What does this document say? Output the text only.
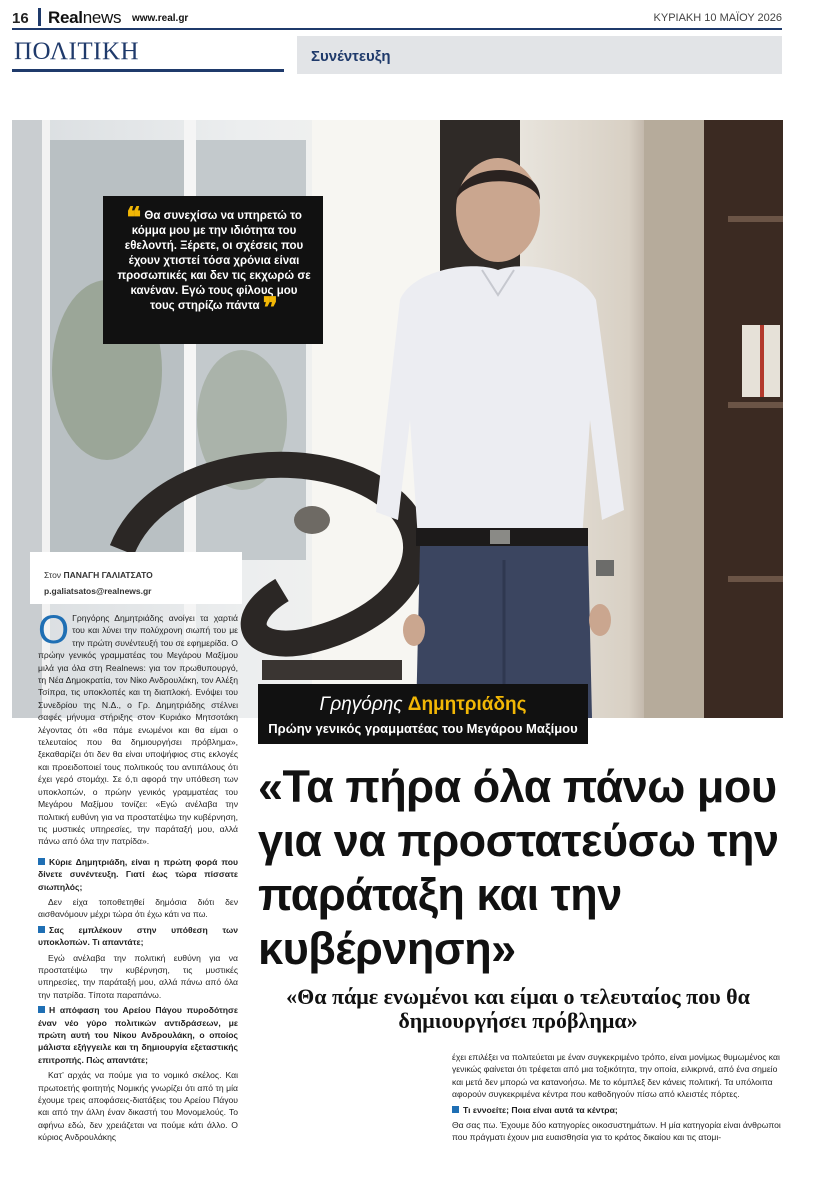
16 Realnews www.real.gr	ΚΥΡΙΑΚΗ 10 ΜΑΪΟΥ 2026
ΠΟΛΙΤΙΚΗ	Συνέντευξη
❝ Θα συνεχίσω να υπηρετώ το κόμμα μου με την ιδιότητα του εθελοντή. Ξέρετε, οι σχέσεις που έχουν χτιστεί τόσα χρόνια είναι προσωπικές και δεν τις εκχωρώ σε κανέναν. Εγώ τους φίλους μου τους στηρίζω πάντα ❞
Στον ΠΑΝΑΓΗ ΓΑΛΙΑΤΣΑΤΟ
p.galiatsatos@realnews.gr
Γρηγόρης Δημητριάδης
Πρώην γενικός γραμματέας του Μεγάρου Μαξίμου

Ο Γρηγόρης Δημητριάδης ανοίγει τα χαρτιά του και λύνει την πολύχρονη σιωπή του με την πρώτη συνέντευξή του σε εφημερίδα. Ο πρώην γενικός γραμματέας του Μεγάρου Μαξίμου μιλά για όλα στη Realnews: για τον πρωθυπουργό, τη Νέα Δημοκρατία, τον Νίκο Ανδρουλάκη, τον Αλέξη Τσίπρα, τις υποκλοπές και τη διαπλοκή. Ενόψει του Συνεδρίου της Ν.Δ., ο Γρ. Δημητριάδης στέλνει σαφές μήνυμα στήριξης στον Κυριάκο Μητσοτάκη λέγοντας ότι «θα πάμε ενωμένοι και θα είμαι ο τελευταίος που θα δημιουργήσει πρόβλημα», ξεκαθαρίζει ότι δεν θα είναι υποψήφιος στις εκλογές και προειδοποιεί τους πολιτικούς του αντιπάλους ότι έχει γερό στομάχι. Σε ό,τι αφορά την υπόθεση των υποκλοπών, ο πρώην γενικός γραμματέας του Μεγάρου Μαξίμου τονίζει: «Εγώ ανέλαβα την πολιτική ευθύνη για να προστατέψω την κυβέρνηση, τις μυστικές υπηρεσίες, την παράταξή μου, αλλά πάνω από όλα την πατρίδα».

Κύριε Δημητριάδη, είναι η πρώτη φορά που δίνετε συνέντευξη. Γιατί έως τώρα πίσσατε σιωπηλός;
Δεν είχα τοποθετηθεί δημόσια διότι δεν αισθανόμουν μέχρι τώρα ότι έχω κάτι να πω.
Σας εμπλέκουν στην υπόθεση των υποκλοπών. Τι απαντάτε;
Εγώ ανέλαβα την πολιτική ευθύνη για να προστατέψω την κυβέρνηση, τις μυστικές υπηρεσίες, την παράταξή μου, αλλά πάνω από όλα την πατρίδα. Τίποτα παραπάνω.
Η απόφαση του Αρείου Πάγου πυροδότησε έναν νέο γύρο πολιτικών αντιδράσεων, με πρώτη αυτή του Νίκου Ανδρουλάκη, ο οποίος μάλιστα εξήγγειλε και τη δημιουργία εξεταστικής επιτροπής. Πώς απαντάτε;
Κατ’ αρχάς να πούμε για το νομικό σκέλος. Και πρωτοετής φοιτητής Νομικής γνωρίζει ότι από τη μία έχουμε τρεις αποφάσεις-διατάξεις του Αρείου Πάγου και από την άλλη έναν δικαστή του Μονομελούς. Το αφήνω εδώ, δεν χρειάζεται να πούμε κάτι άλλο. Ο κύριος Ανδρουλάκης
«Τα πήρα όλα πάνω μου για να προστατεύσω την παράταξη και την κυβέρνηση»
«Θα πάμε ενωμένοι και είμαι ο τελευταίος που θα δημιουργήσει πρόβλημα»
έχει επιλέξει να πολιτεύεται με έναν συγκεκριμένο τρόπο, είναι μονίμως θυμωμένος και γενικώς φαίνεται ότι τρέφεται από μια τοξικότητα, την οποία, ειλικρινά, από ένα σημείο και μετά δεν μπορώ να κατανοήσω. Με το κόμπλεξ δεν κάνεις πολιτική. Τα υπόλοιπα αφορούν συγκεκριμένα κέντρα που καθοδηγούν πίσω από κλειστές πόρτες.
Τι εννοείτε; Ποια είναι αυτά τα κέντρα;
Θα σας πω. Έχουμε δύο κατηγορίες οικοσυστημάτων. Η μία κατηγορία είναι άνθρωποι που πράγματι έχουν μια ευαισθησία για το κράτος δικαίου και τις ατομι-
